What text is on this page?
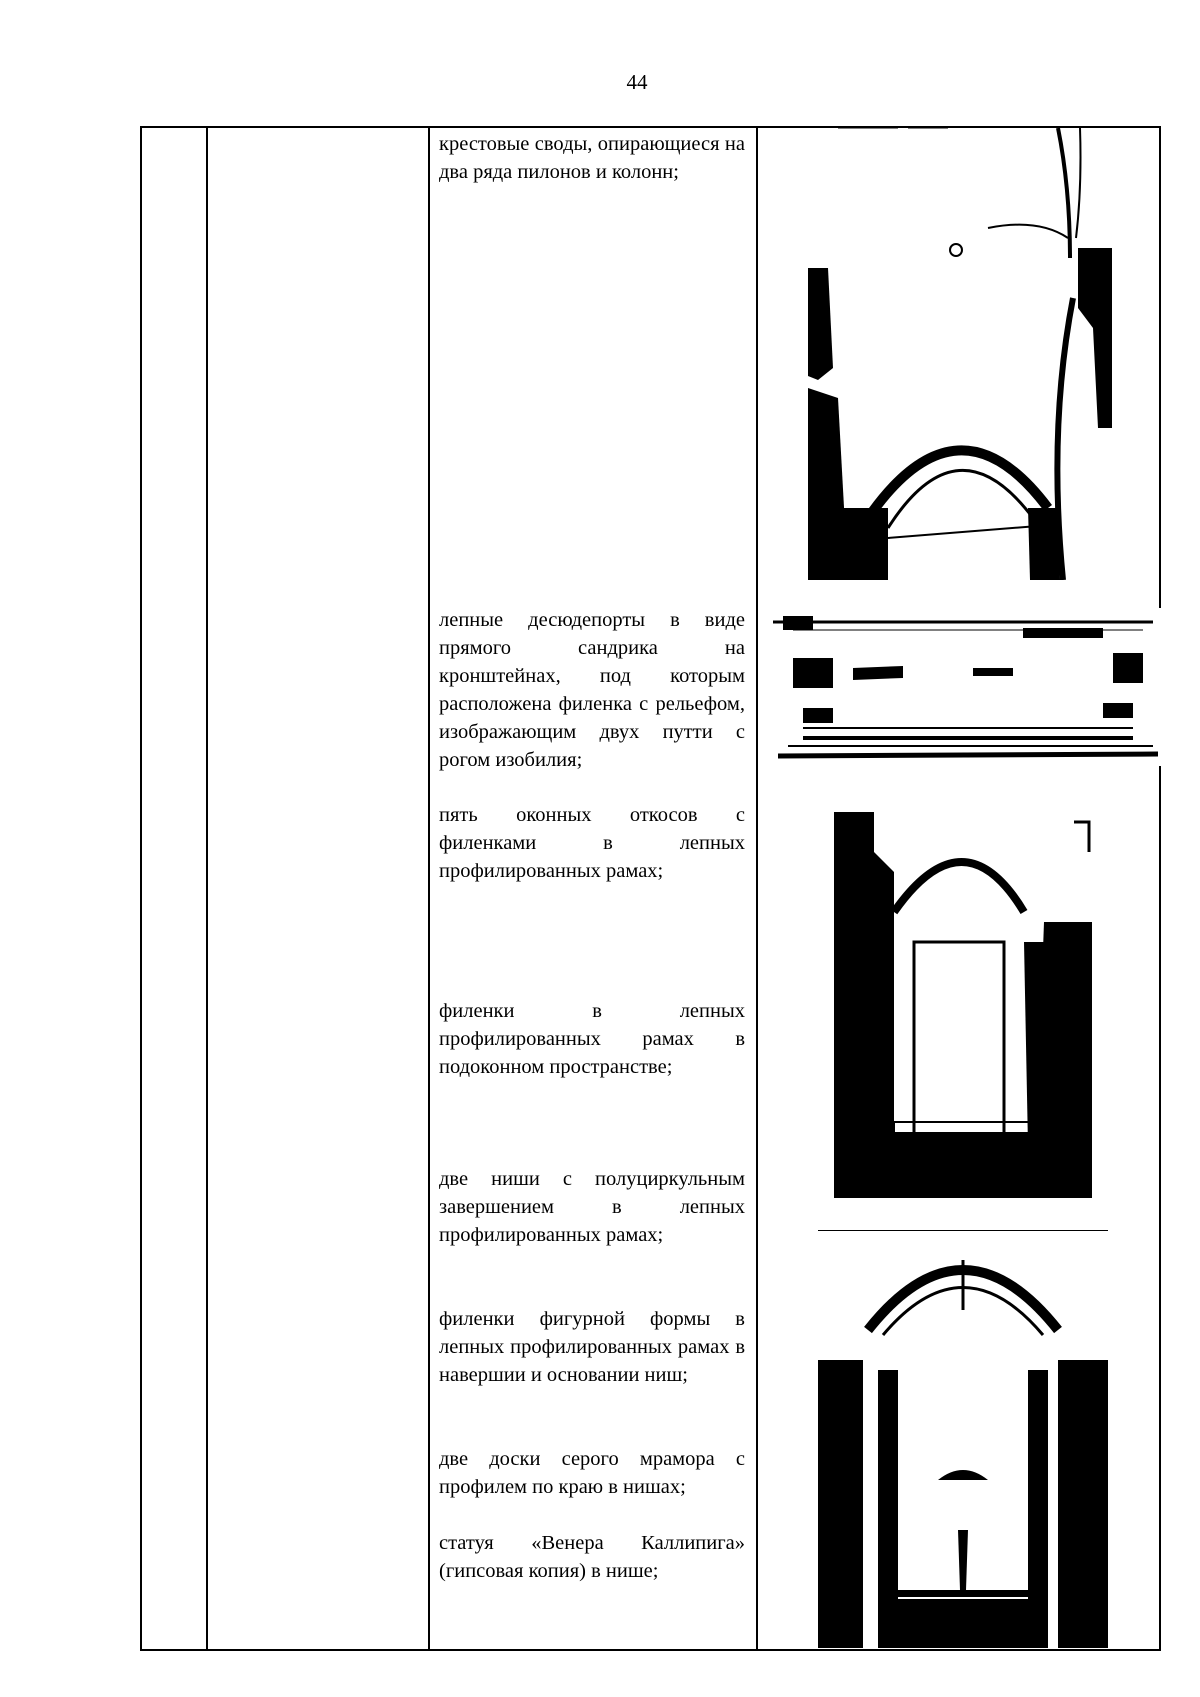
44
крестовые своды, опирающиеся на два ряда пилонов и колонн;
лепные десюдепорты в виде прямого сандрика на кронштейнах, под которым расположена филенка с рельефом, изображающим двух путти с рогом изобилия;
пять оконных откосов с филенками в лепных профилированных рамах;
филенки в лепных профилированных рамах в подоконном пространстве;
две ниши с полуциркульным завершением в лепных профилированных рамах;
филенки фигурной формы в лепных профилированных рамах в навершии и основании ниш;
две доски серого мрамора с профилем по краю в нишах;
статуя «Венера Каллипига» (гипсовая копия) в нише;
